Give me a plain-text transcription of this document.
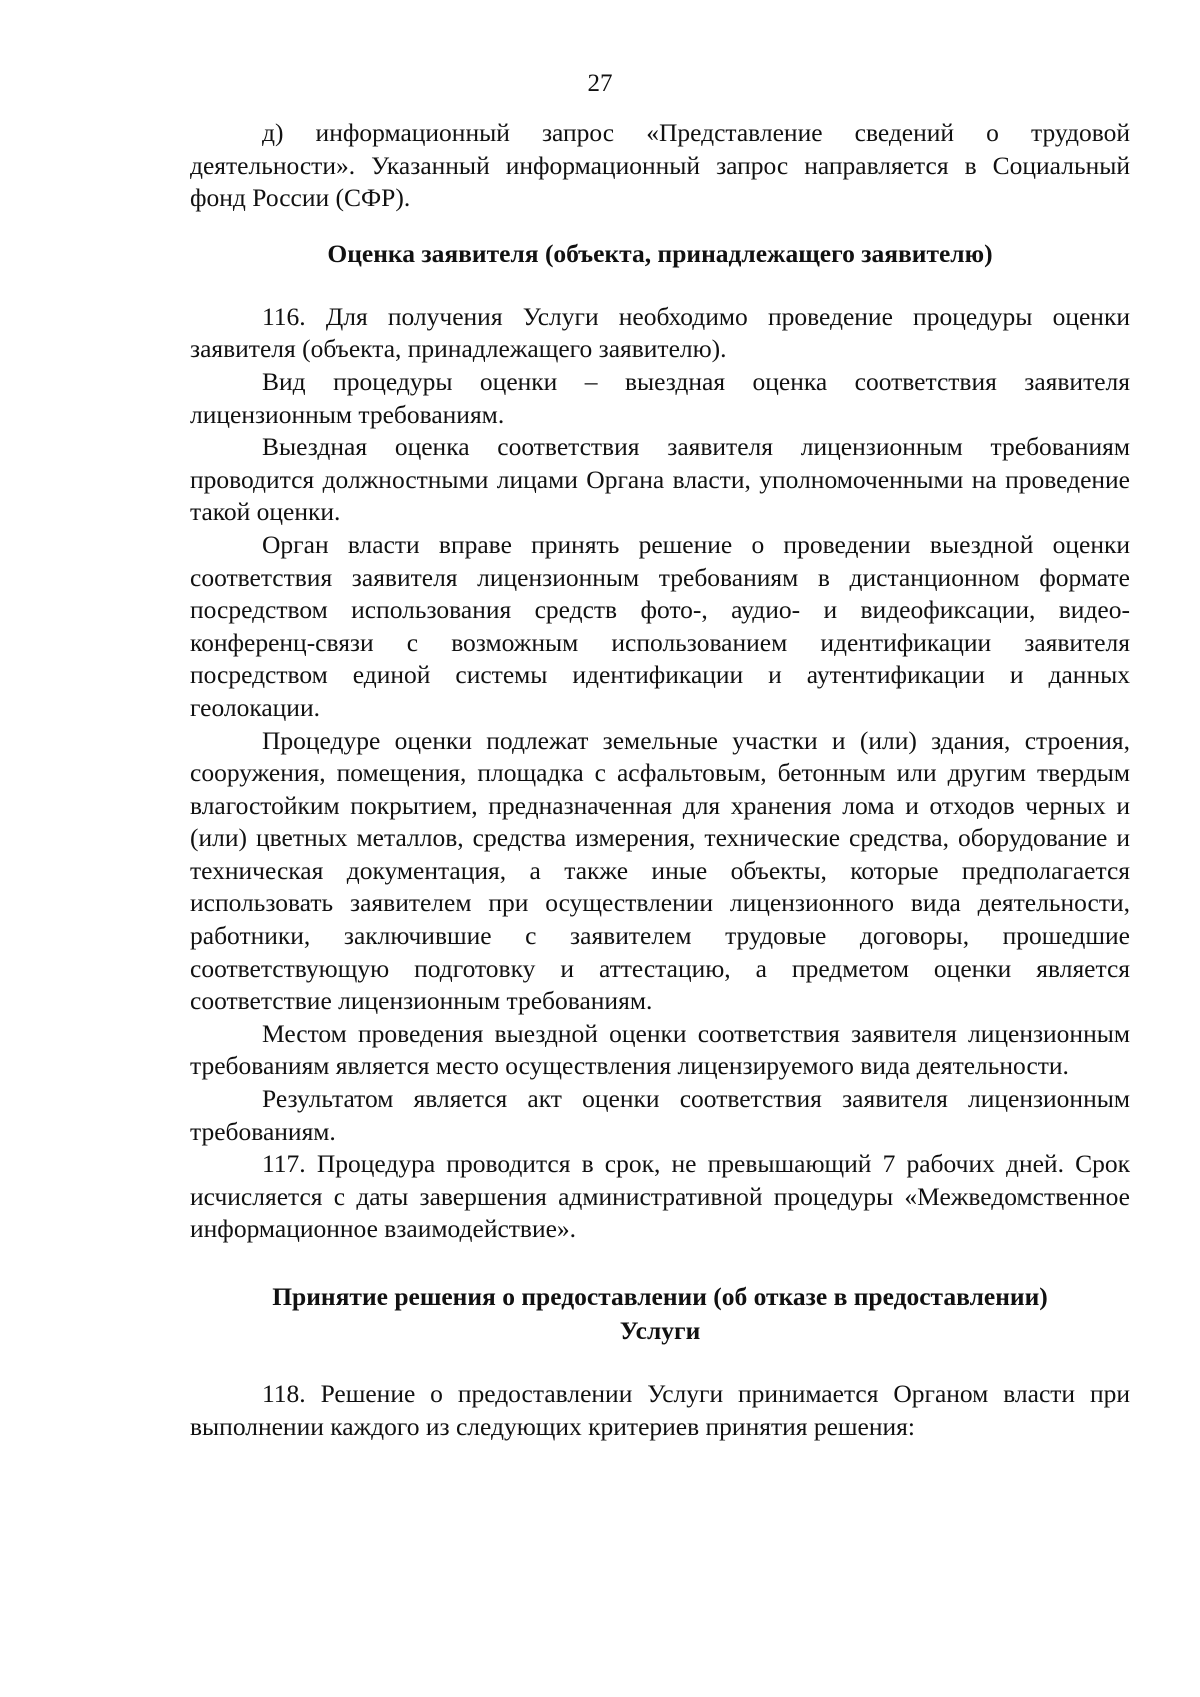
27

д) информационный запрос «Представление сведений о трудовой деятельности». Указанный информационный запрос направляется в Социальный фонд России (СФР).

Оценка заявителя (объекта, принадлежащего заявителю)

116. Для получения Услуги необходимо проведение процедуры оценки заявителя (объекта, принадлежащего заявителю).

Вид процедуры оценки – выездная оценка соответствия заявителя лицензионным требованиям.

Выездная оценка соответствия заявителя лицензионным требованиям проводится должностными лицами Органа власти, уполномоченными на проведение такой оценки.

Орган власти вправе принять решение о проведении выездной оценки соответствия заявителя лицензионным требованиям в дистанционном формате посредством использования средств фото-, аудио- и видеофиксации, видео-конференц-связи с возможным использованием идентификации заявителя посредством единой системы идентификации и аутентификации и данных геолокации.

Процедуре оценки подлежат земельные участки и (или) здания, строения, сооружения, помещения, площадка с асфальтовым, бетонным или другим твердым влагостойким покрытием, предназначенная для хранения лома и отходов черных и (или) цветных металлов, средства измерения, технические средства, оборудование и техническая документация, а также иные объекты, которые предполагается использовать заявителем при осуществлении лицензионного вида деятельности, работники, заключившие с заявителем трудовые договоры, прошедшие соответствующую подготовку и аттестацию, а предметом оценки является соответствие лицензионным требованиям.

Местом проведения выездной оценки соответствия заявителя лицензионным требованиям является место осуществления лицензируемого вида деятельности.

Результатом является акт оценки соответствия заявителя лицензионным требованиям.

117. Процедура проводится в срок, не превышающий 7 рабочих дней. Срок исчисляется с даты завершения административной процедуры «Межведомственное информационное взаимодействие».

Принятие решения о предоставлении (об отказе в предоставлении)
Услуги

118. Решение о предоставлении Услуги принимается Органом власти при выполнении каждого из следующих критериев принятия решения:
